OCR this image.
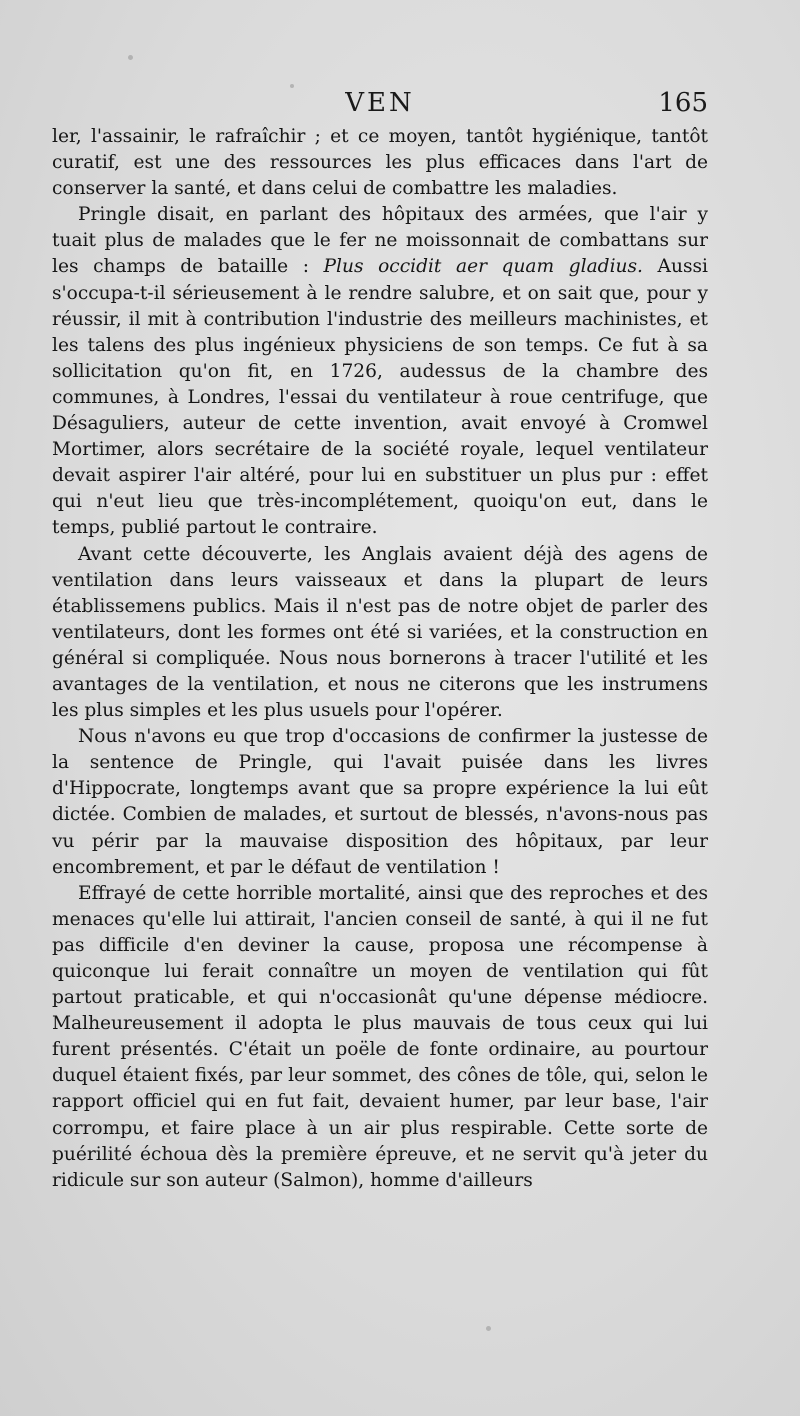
VEN	165

ler, l'assainir, le rafraîchir ; et ce moyen, tantôt hygiénique, tantôt curatif, est une des ressources les plus efficaces dans l'art de conserver la santé, et dans celui de combattre les maladies.

Pringle disait, en parlant des hôpitaux des armées, que l'air y tuait plus de malades que le fer ne moissonnait de combattans sur les champs de bataille : Plus occidit aer quam gladius. Aussi s'occupa-t-il sérieusement à le rendre salubre, et on sait que, pour y réussir, il mit à contribution l'industrie des meilleurs machinistes, et les talens des plus ingénieux physiciens de son temps. Ce fut à sa sollicitation qu'on fit, en 1726, audessus de la chambre des communes, à Londres, l'essai du ventilateur à roue centrifuge, que Désaguliers, auteur de cette invention, avait envoyé à Cromwel Mortimer, alors secrétaire de la société royale, lequel ventilateur devait aspirer l'air altéré, pour lui en substituer un plus pur : effet qui n'eut lieu que très-incomplétement, quoiqu'on eut, dans le temps, publié partout le contraire.

Avant cette découverte, les Anglais avaient déjà des agens de ventilation dans leurs vaisseaux et dans la plupart de leurs établissemens publics. Mais il n'est pas de notre objet de parler des ventilateurs, dont les formes ont été si variées, et la construction en général si compliquée. Nous nous bornerons à tracer l'utilité et les avantages de la ventilation, et nous ne citerons que les instrumens les plus simples et les plus usuels pour l'opérer.

Nous n'avons eu que trop d'occasions de confirmer la justesse de la sentence de Pringle, qui l'avait puisée dans les livres d'Hippocrate, longtemps avant que sa propre expérience la lui eût dictée. Combien de malades, et surtout de blessés, n'avons-nous pas vu périr par la mauvaise disposition des hôpitaux, par leur encombrement, et par le défaut de ventilation !

Effrayé de cette horrible mortalité, ainsi que des reproches et des menaces qu'elle lui attirait, l'ancien conseil de santé, à qui il ne fut pas difficile d'en deviner la cause, proposa une récompense à quiconque lui ferait connaître un moyen de ventilation qui fût partout praticable, et qui n'occasionât qu'une dépense médiocre. Malheureusement il adopta le plus mauvais de tous ceux qui lui furent présentés. C'était un poële de fonte ordinaire, au pourtour duquel étaient fixés, par leur sommet, des cônes de tôle, qui, selon le rapport officiel qui en fut fait, devaient humer, par leur base, l'air corrompu, et faire place à un air plus respirable. Cette sorte de puérilité échoua dès la première épreuve, et ne servit qu'à jeter du ridicule sur son auteur (Salmon), homme d'ailleurs
